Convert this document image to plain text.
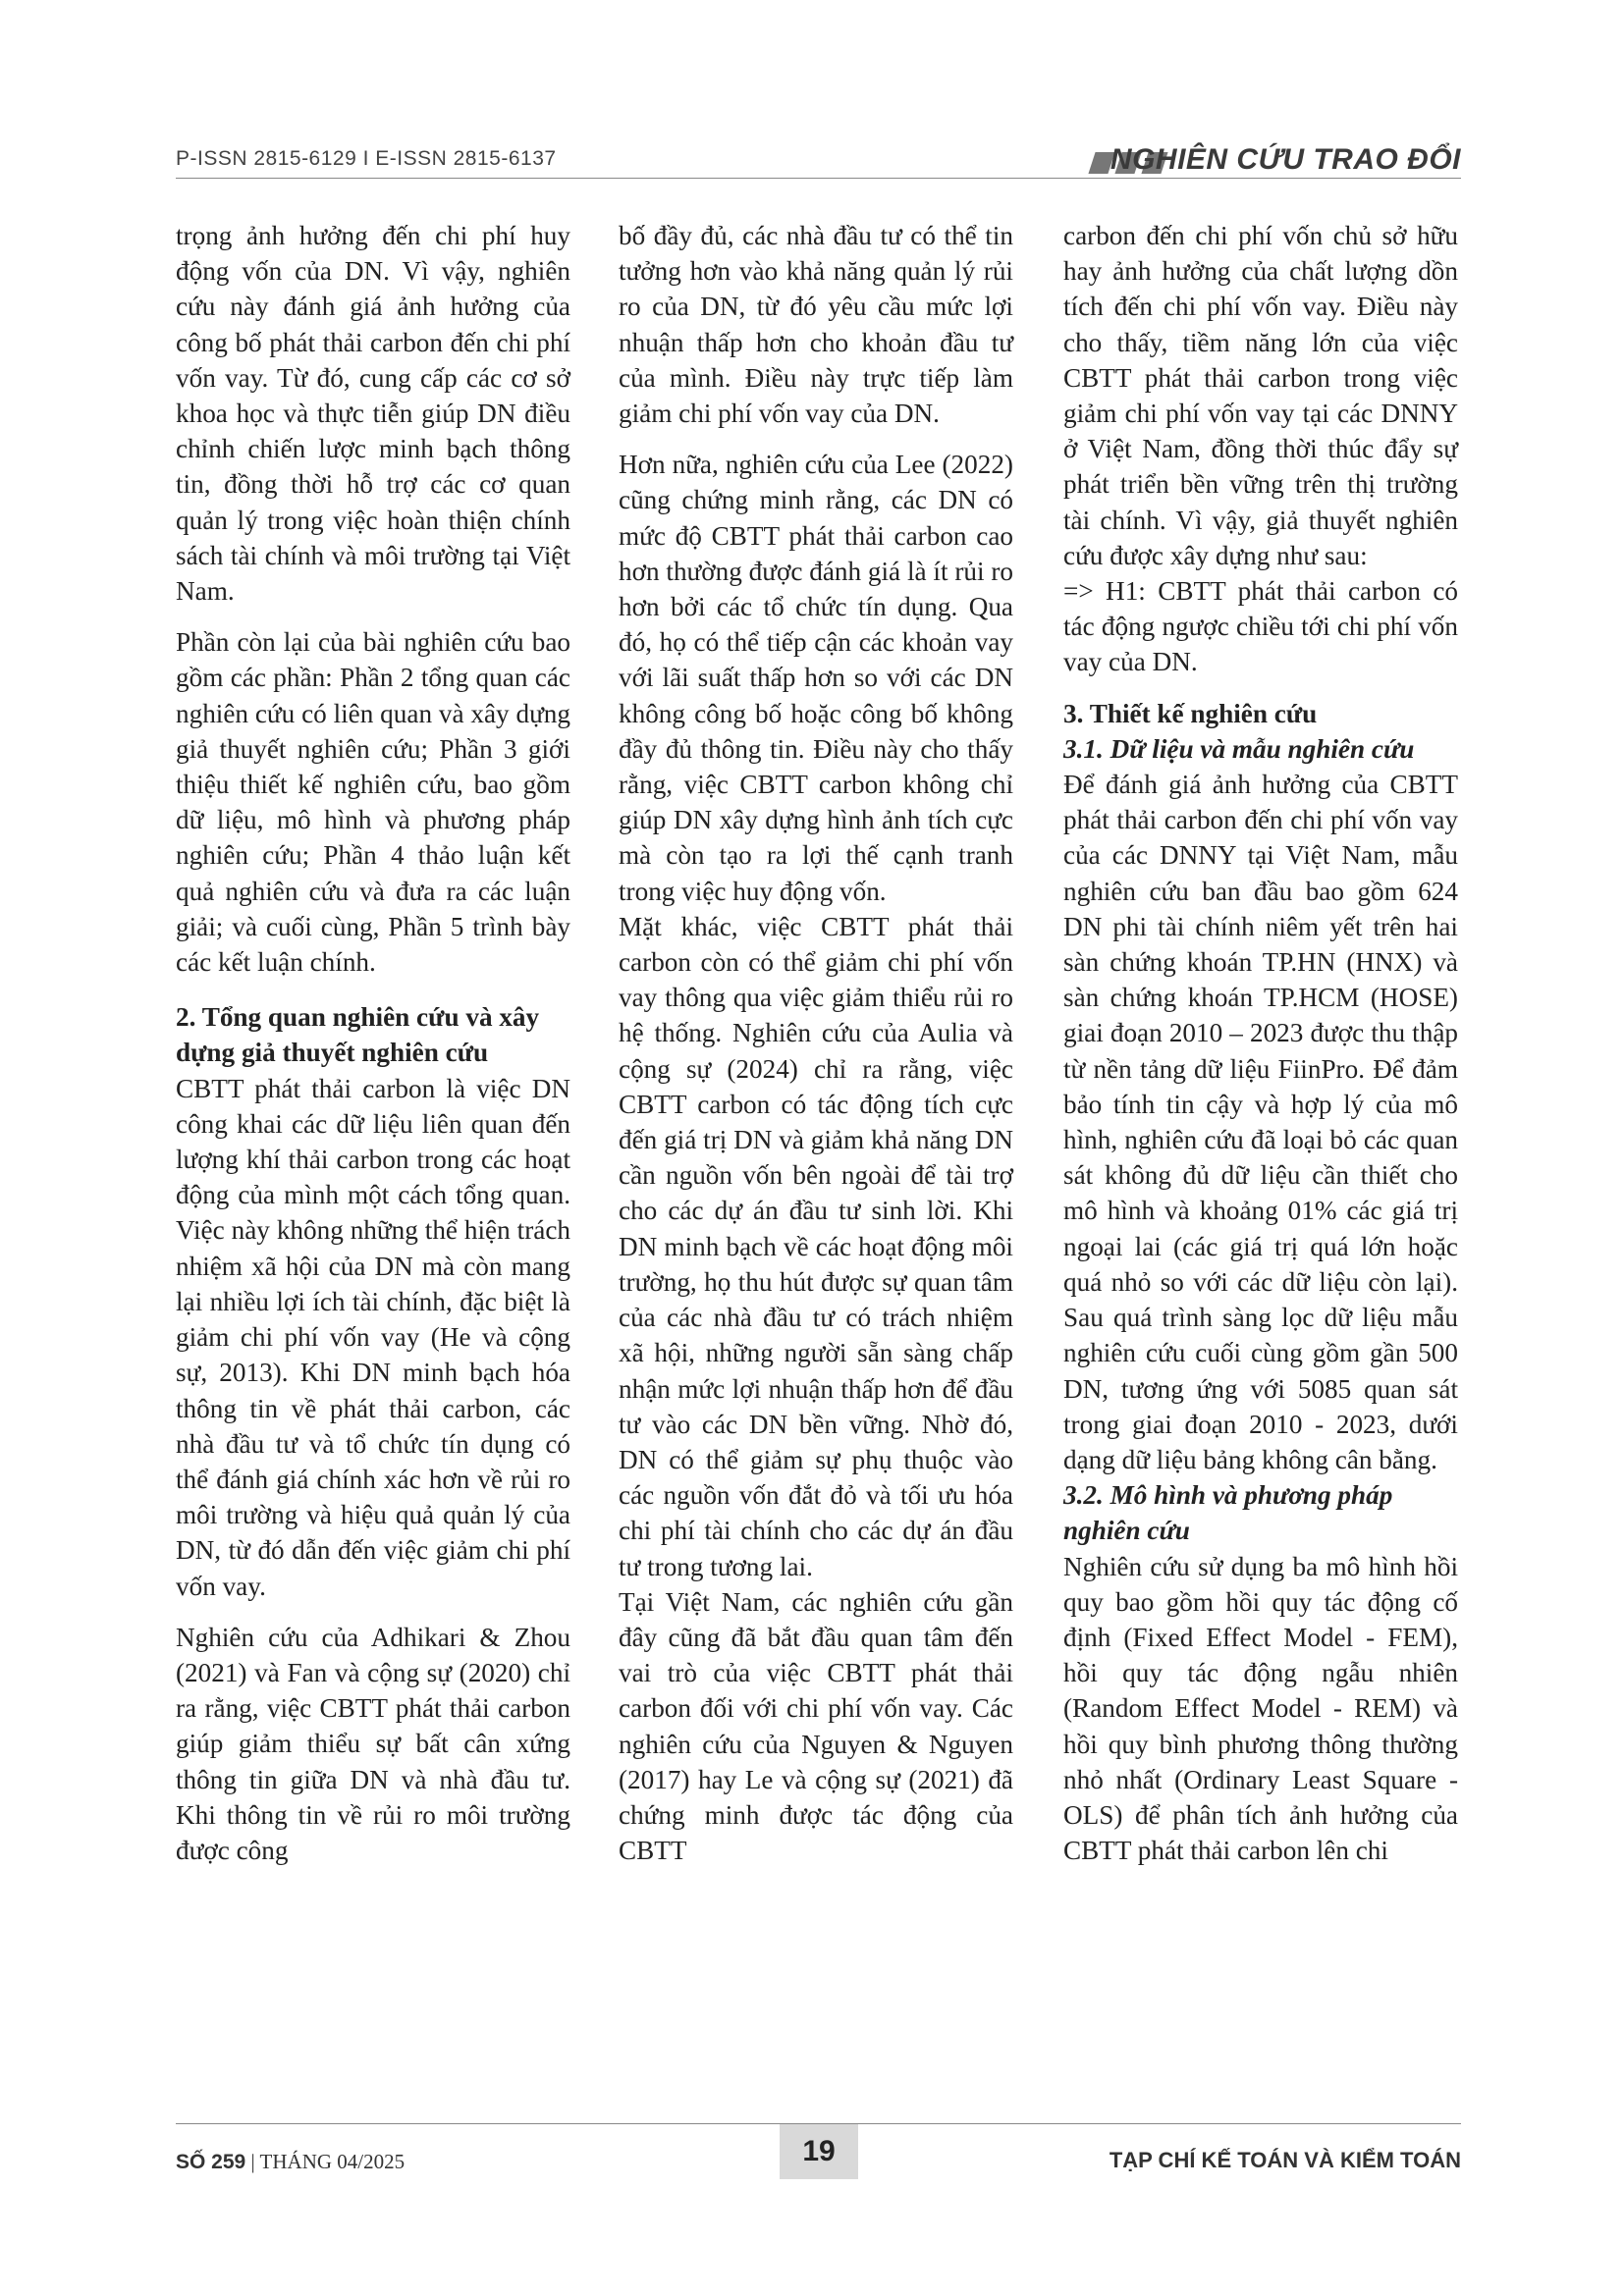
P-ISSN 2815-6129 I E-ISSN 2815-6137	NGHIÊN CỨU TRAO ĐỔI

trọng ảnh hưởng đến chi phí huy động vốn của DN. Vì vậy, nghiên cứu này đánh giá ảnh hưởng của công bố phát thải carbon đến chi phí vốn vay. Từ đó, cung cấp các cơ sở khoa học và thực tiễn giúp DN điều chỉnh chiến lược minh bạch thông tin, đồng thời hỗ trợ các cơ quan quản lý trong việc hoàn thiện chính sách tài chính và môi trường tại Việt Nam.

Phần còn lại của bài nghiên cứu bao gồm các phần: Phần 2 tổng quan các nghiên cứu có liên quan và xây dựng giả thuyết nghiên cứu; Phần 3 giới thiệu thiết kế nghiên cứu, bao gồm dữ liệu, mô hình và phương pháp nghiên cứu; Phần 4 thảo luận kết quả nghiên cứu và đưa ra các luận giải; và cuối cùng, Phần 5 trình bày các kết luận chính.

2. Tổng quan nghiên cứu và xây dựng giả thuyết nghiên cứu

CBTT phát thải carbon là việc DN công khai các dữ liệu liên quan đến lượng khí thải carbon trong các hoạt động của mình một cách tổng quan. Việc này không những thể hiện trách nhiệm xã hội của DN mà còn mang lại nhiều lợi ích tài chính, đặc biệt là giảm chi phí vốn vay (He và cộng sự, 2013). Khi DN minh bạch hóa thông tin về phát thải carbon, các nhà đầu tư và tổ chức tín dụng có thể đánh giá chính xác hơn về rủi ro môi trường và hiệu quả quản lý của DN, từ đó dẫn đến việc giảm chi phí vốn vay.

Nghiên cứu của Adhikari & Zhou (2021) và Fan và cộng sự (2020) chỉ ra rằng, việc CBTT phát thải carbon giúp giảm thiểu sự bất cân xứng thông tin giữa DN và nhà đầu tư. Khi thông tin về rủi ro môi trường được công

bố đầy đủ, các nhà đầu tư có thể tin tưởng hơn vào khả năng quản lý rủi ro của DN, từ đó yêu cầu mức lợi nhuận thấp hơn cho khoản đầu tư của mình. Điều này trực tiếp làm giảm chi phí vốn vay của DN.

Hơn nữa, nghiên cứu của Lee (2022) cũng chứng minh rằng, các DN có mức độ CBTT phát thải carbon cao hơn thường được đánh giá là ít rủi ro hơn bởi các tổ chức tín dụng. Qua đó, họ có thể tiếp cận các khoản vay với lãi suất thấp hơn so với các DN không công bố hoặc công bố không đầy đủ thông tin. Điều này cho thấy rằng, việc CBTT carbon không chỉ giúp DN xây dựng hình ảnh tích cực mà còn tạo ra lợi thế cạnh tranh trong việc huy động vốn.

Mặt khác, việc CBTT phát thải carbon còn có thể giảm chi phí vốn vay thông qua việc giảm thiểu rủi ro hệ thống. Nghiên cứu của Aulia và cộng sự (2024) chỉ ra rằng, việc CBTT carbon có tác động tích cực đến giá trị DN và giảm khả năng DN cần nguồn vốn bên ngoài để tài trợ cho các dự án đầu tư sinh lời. Khi DN minh bạch về các hoạt động môi trường, họ thu hút được sự quan tâm của các nhà đầu tư có trách nhiệm xã hội, những người sẵn sàng chấp nhận mức lợi nhuận thấp hơn để đầu tư vào các DN bền vững. Nhờ đó, DN có thể giảm sự phụ thuộc vào các nguồn vốn đắt đỏ và tối ưu hóa chi phí tài chính cho các dự án đầu tư trong tương lai.

Tại Việt Nam, các nghiên cứu gần đây cũng đã bắt đầu quan tâm đến vai trò của việc CBTT phát thải carbon đối với chi phí vốn vay. Các nghiên cứu của Nguyen & Nguyen (2017) hay Le và cộng sự (2021) đã chứng minh được tác động của CBTT

carbon đến chi phí vốn chủ sở hữu hay ảnh hưởng của chất lượng dồn tích đến chi phí vốn vay. Điều này cho thấy, tiềm năng lớn của việc CBTT phát thải carbon trong việc giảm chi phí vốn vay tại các DNNY ở Việt Nam, đồng thời thúc đẩy sự phát triển bền vững trên thị trường tài chính. Vì vậy, giả thuyết nghiên cứu được xây dựng như sau:

=> H1: CBTT phát thải carbon có tác động ngược chiều tới chi phí vốn vay của DN.

3. Thiết kế nghiên cứu
3.1. Dữ liệu và mẫu nghiên cứu

Để đánh giá ảnh hưởng của CBTT phát thải carbon đến chi phí vốn vay của các DNNY tại Việt Nam, mẫu nghiên cứu ban đầu bao gồm 624 DN phi tài chính niêm yết trên hai sàn chứng khoán TP.HN (HNX) và sàn chứng khoán TP.HCM (HOSE) giai đoạn 2010 – 2023 được thu thập từ nền tảng dữ liệu FiinPro. Để đảm bảo tính tin cậy và hợp lý của mô hình, nghiên cứu đã loại bỏ các quan sát không đủ dữ liệu cần thiết cho mô hình và khoảng 01% các giá trị ngoại lai (các giá trị quá lớn hoặc quá nhỏ so với các dữ liệu còn lại). Sau quá trình sàng lọc dữ liệu mẫu nghiên cứu cuối cùng gồm gần 500 DN, tương ứng với 5085 quan sát trong giai đoạn 2010 - 2023, dưới dạng dữ liệu bảng không cân bằng.

3.2. Mô hình và phương pháp nghiên cứu

Nghiên cứu sử dụng ba mô hình hồi quy bao gồm hồi quy tác động cố định (Fixed Effect Model - FEM), hồi quy tác động ngẫu nhiên (Random Effect Model - REM) và hồi quy bình phương thông thường nhỏ nhất (Ordinary Least Square - OLS) để phân tích ảnh hưởng của CBTT phát thải carbon lên chi

SỐ 259 | THÁNG 04/2025	19	TẠP CHÍ KẾ TOÁN VÀ KIỂM TOÁN
